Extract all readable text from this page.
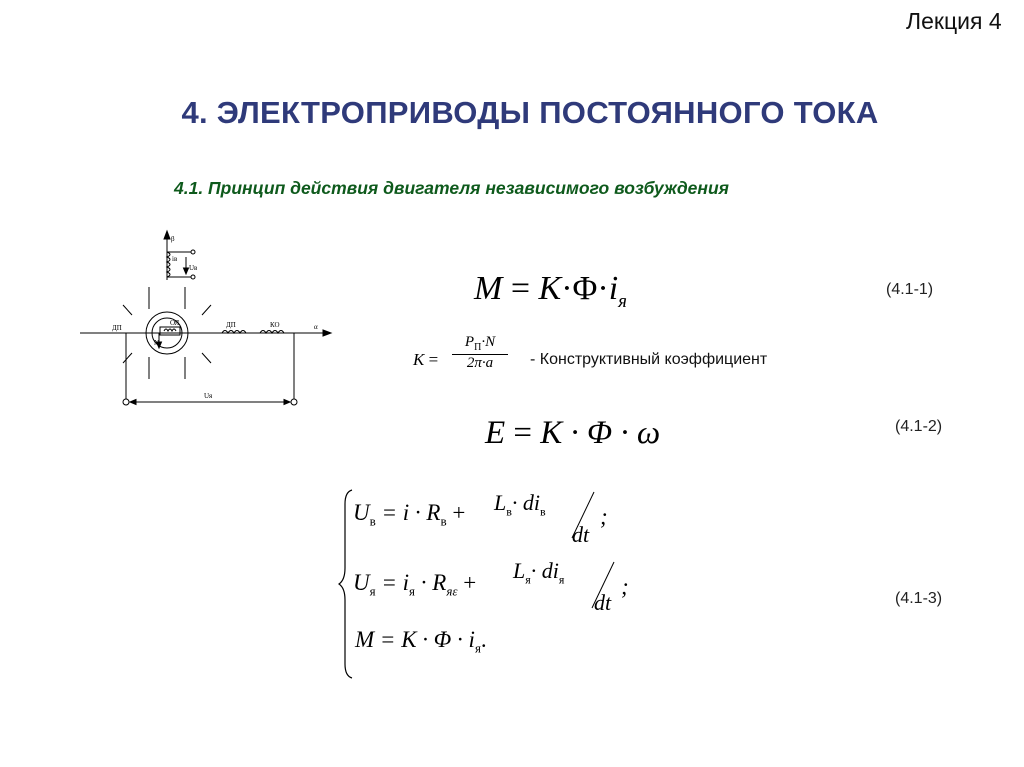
Лекция 4
4. ЭЛЕКТРОПРИВОДЫ ПОСТОЯННОГО ТОКА
4.1. Принцип действия двигателя независимого возбуждения
β
iв
Uв
ОЯ
N
ДП	ДП	КО	α
Uя
$M = K\cdot\Phi\cdot i_я$
(4.1-1)
K =
$P_П\cdot N$
2π·a	- Конструктивный коэффициент
E = K · Φ · ω	(4.1-2)
$U_в = i \cdot R_в + L_в\cdot di_в$
dt
;
$U_я = i_я \cdot R_{я\varepsilon} + L_я\cdot di_я$
dt
;
$M = K \cdot \Phi \cdot i_я$.
(4.1-3)
